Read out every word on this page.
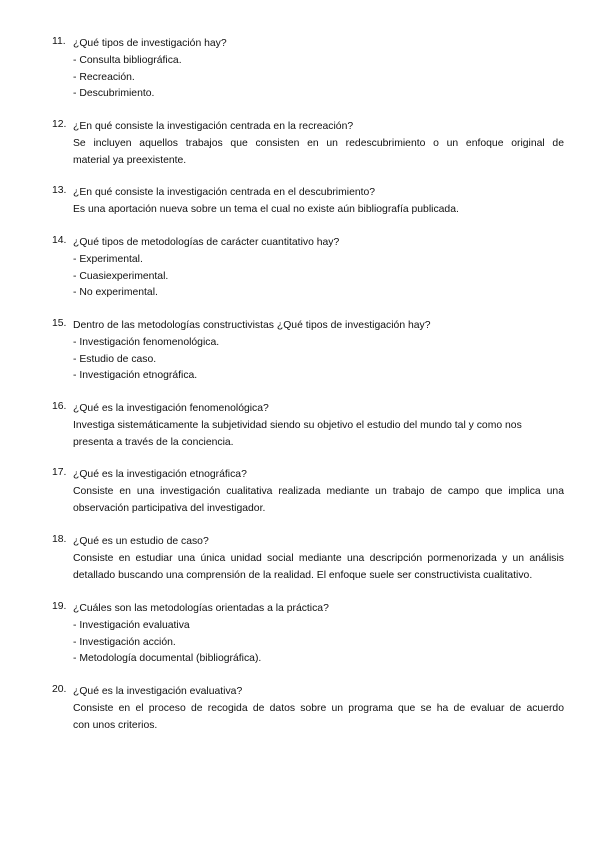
11. ¿Qué tipos de investigación hay?
- Consulta bibliográfica.
- Recreación.
- Descubrimiento.
12. ¿En qué consiste la investigación centrada en la recreación?
Se incluyen aquellos trabajos que consisten en un redescubrimiento o un enfoque original de
material ya preexistente.
13. ¿En qué consiste la investigación centrada en el descubrimiento?
Es una aportación nueva sobre un tema el cual no existe aún bibliografía publicada.
14. ¿Qué tipos de metodologías de carácter cuantitativo hay?
- Experimental.
- Cuasiexperimental.
- No experimental.
15. Dentro de las metodologías constructivistas ¿Qué tipos de investigación hay?
- Investigación fenomenológica.
- Estudio de caso.
- Investigación etnográfica.
16. ¿Qué es la investigación fenomenológica?
Investiga sistemáticamente la subjetividad siendo su objetivo el estudio del mundo tal y como nos
presenta a través de la conciencia.
17. ¿Qué es la investigación etnográfica?
Consiste en una investigación cualitativa realizada mediante un trabajo de campo que implica una
observación participativa del investigador.
18. ¿Qué es un estudio de caso?
Consiste en estudiar una única unidad social mediante una descripción pormenorizada y un análisis
detallado buscando una comprensión de la realidad. El enfoque suele ser constructivista cualitativo.
19. ¿Cuáles son las metodologías orientadas a la práctica?
- Investigación evaluativa
- Investigación acción.
- Metodología documental (bibliográfica).
20. ¿Qué es la investigación evaluativa?
Consiste en el proceso de recogida de datos sobre un programa que se ha de evaluar de acuerdo
con unos criterios.
